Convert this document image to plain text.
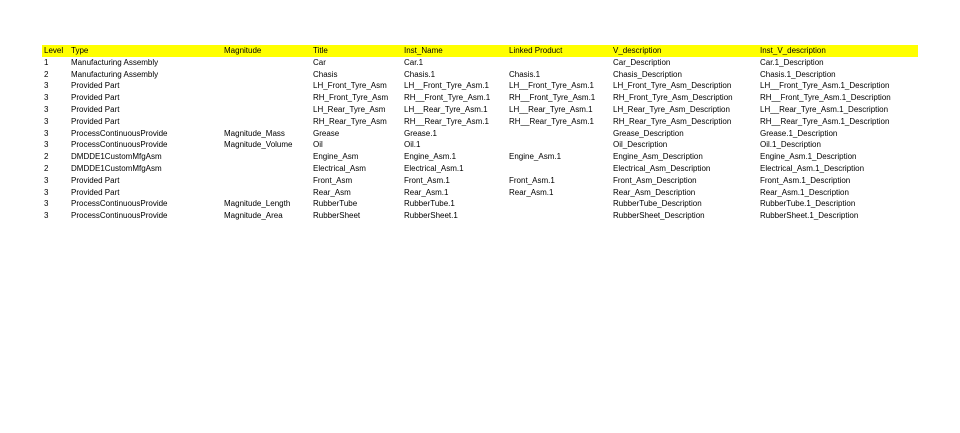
Level	Type	Magnitude	Title	Inst_Name	Linked Product	V_description	Inst_V_description
1	Manufacturing Assembly		Car	Car.1		Car_Description	Car.1_Description
2	Manufacturing Assembly		Chasis	Chasis.1	Chasis.1	Chasis_Description	Chasis.1_Description
3	Provided Part		LH_Front_Tyre_Asm	LH__Front_Tyre_Asm.1	LH__Front_Tyre_Asm.1	LH_Front_Tyre_Asm_Description	LH__Front_Tyre_Asm.1_Description
3	Provided Part		RH_Front_Tyre_Asm	RH__Front_Tyre_Asm.1	RH__Front_Tyre_Asm.1	RH_Front_Tyre_Asm_Description	RH__Front_Tyre_Asm.1_Description
3	Provided Part		LH_Rear_Tyre_Asm	LH__Rear_Tyre_Asm.1	LH__Rear_Tyre_Asm.1	LH_Rear_Tyre_Asm_Description	LH__Rear_Tyre_Asm.1_Description
3	Provided Part		RH_Rear_Tyre_Asm	RH__Rear_Tyre_Asm.1	RH__Rear_Tyre_Asm.1	RH_Rear_Tyre_Asm_Description	RH__Rear_Tyre_Asm.1_Description
3	ProcessContinuousProvide	Magnitude_Mass	Grease	Grease.1		Grease_Description	Grease.1_Description
3	ProcessContinuousProvide	Magnitude_Volume	Oil	Oil.1		Oil_Description	Oil.1_Description
2	DMDDE1CustomMfgAsm		Engine_Asm	Engine_Asm.1	Engine_Asm.1	Engine_Asm_Description	Engine_Asm.1_Description
2	DMDDE1CustomMfgAsm		Electrical_Asm	Electrical_Asm.1		Electrical_Asm_Description	Electrical_Asm.1_Description
3	Provided Part		Front_Asm	Front_Asm.1	Front_Asm.1	Front_Asm_Description	Front_Asm.1_Description
3	Provided Part		Rear_Asm	Rear_Asm.1	Rear_Asm.1	Rear_Asm_Description	Rear_Asm.1_Description
3	ProcessContinuousProvide	Magnitude_Length	RubberTube	RubberTube.1		RubberTube_Description	RubberTube.1_Description
3	ProcessContinuousProvide	Magnitude_Area	RubberSheet	RubberSheet.1		RubberSheet_Description	RubberSheet.1_Description
